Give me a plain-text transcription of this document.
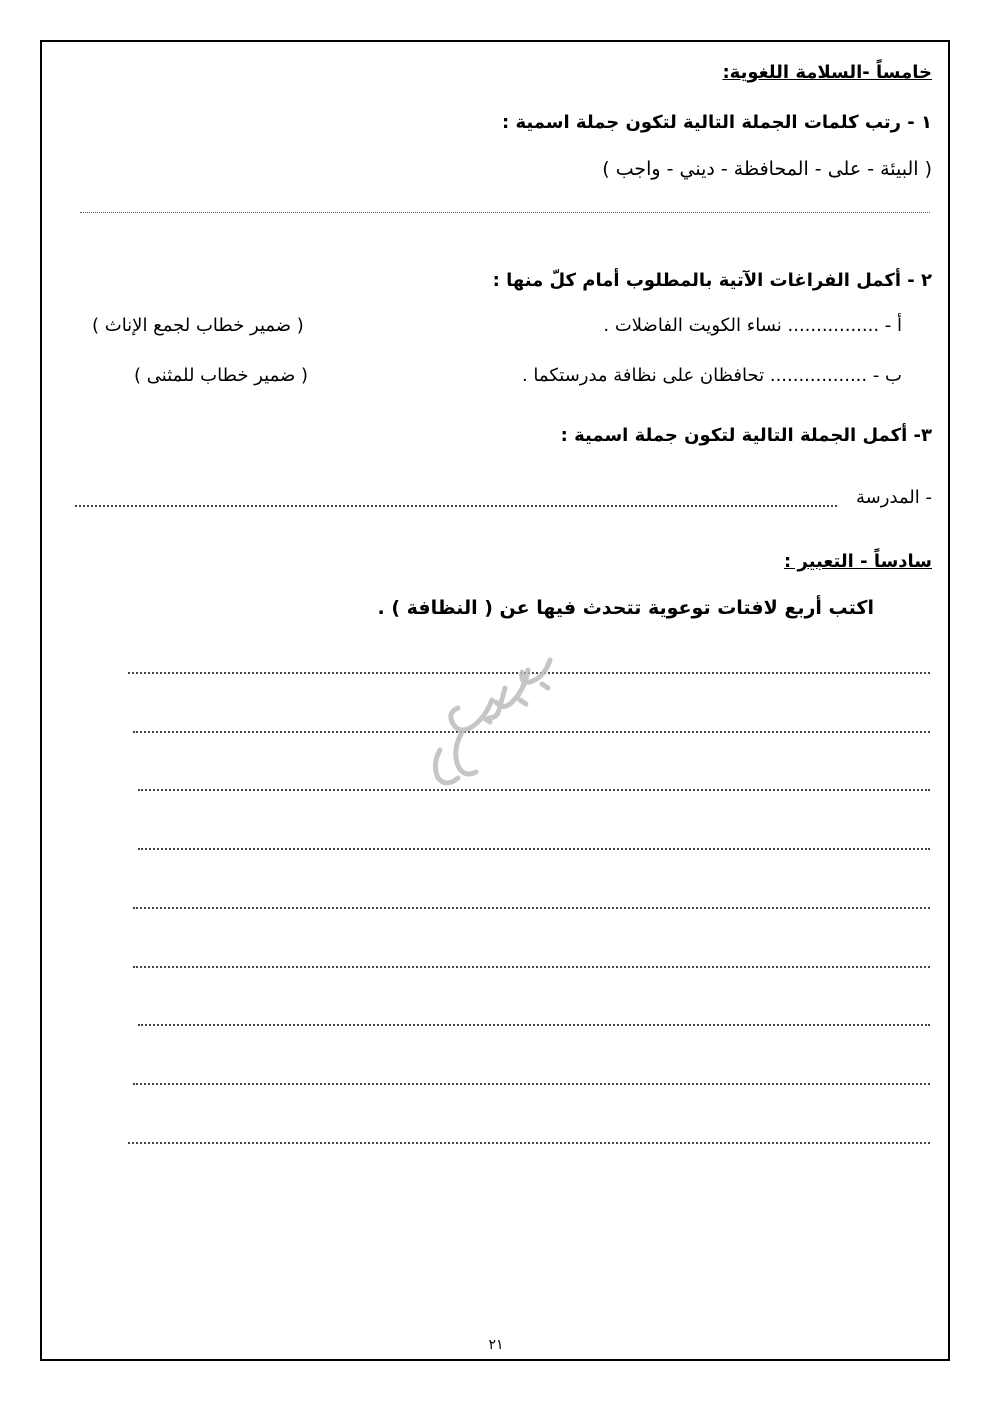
خامساً -السلامة اللغوية:
١ - رتب كلمات الجملة التالية لتكون جملة اسمية :
( البيئة - على - المحافظة - ديني - واجب )
٢ - أكمل الفراغات الآتية بالمطلوب أمام كلّ منها :
أ - ................ نساء الكويت الفاضلات .
( ضمير خطاب لجمع الإناث )
ب - ................. تحافظان على نظافة مدرستكما .
( ضمير خطاب للمثنى )
٣- أكمل الجملة التالية لتكون جملة اسمية :
- المدرسة
سادساً - التعبير :
اكتب أربع لافتات توعوية تتحدث فيها عن ( النظافة ) .
٢١
